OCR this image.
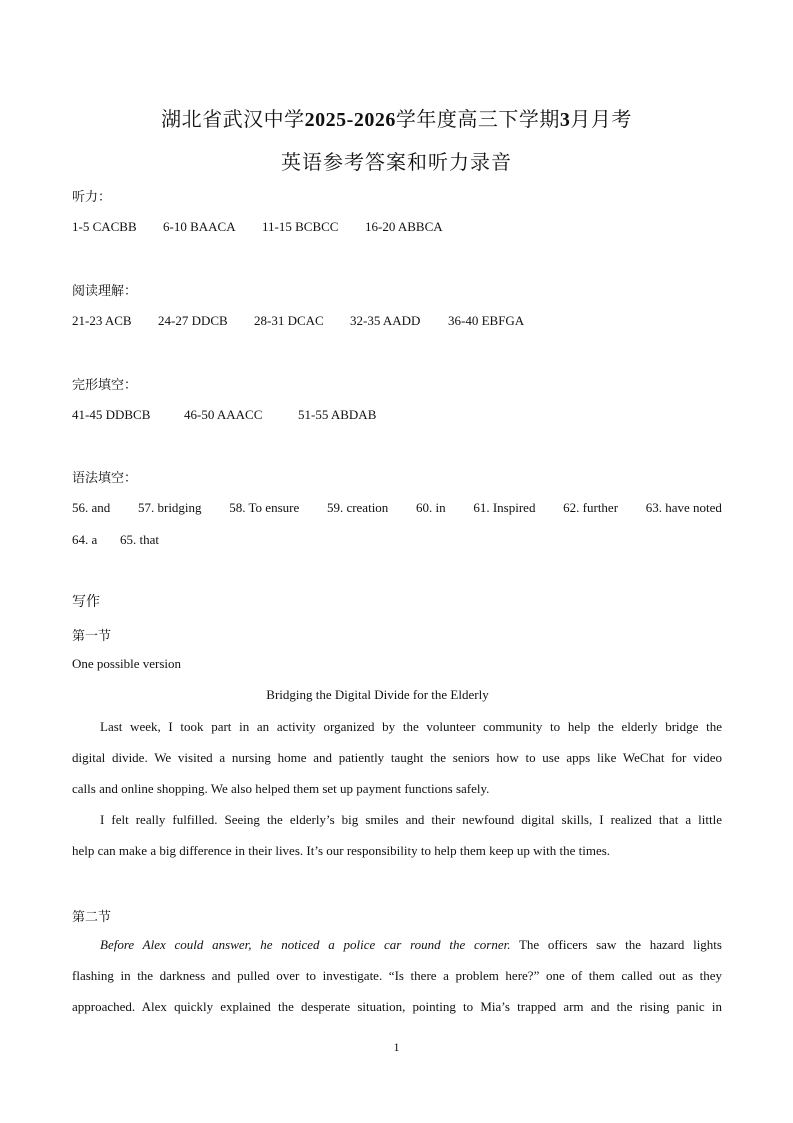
湖北省武汉中学2025-2026学年度高三下学期3月月考
英语参考答案和听力录音
听力：
1-5 CACBB 6-10 BAACA 11-15 BCBCC 16-20 ABBCA
阅读理解：
21-23 ACB 24-27 DDCB 28-31 DCAC 32-35 AADD 36-40 EBFGA
完形填空：
41-45 DDBCB	46-50 AAACC	51-55 ABDAB
语法填空：
56. and 57. bridging 58. To ensure 59. creation 60. in 61. Inspired 62. further 63. have noted
64. a 65. that
写作
第一节
One possible version
Bridging the Digital Divide for the Elderly
Last week, I took part in an activity organized by the volunteer community to help the elderly bridge the
digital divide. We visited a nursing home and patiently taught the seniors how to use apps like WeChat for video
calls and online shopping. We also helped them set up payment functions safely.
I felt really fulfilled. Seeing the elderly’s big smiles and their newfound digital skills, I realized that a little
help can make a big difference in their lives. It’s our responsibility to help them keep up with the times.
第二节
Before Alex could answer, he noticed a police car round the corner. The officers saw the hazard lights
flashing in the darkness and pulled over to investigate. “Is there a problem here?” one of them called out as they
approached. Alex quickly explained the desperate situation, pointing to Mia’s trapped arm and the rising panic in
1
